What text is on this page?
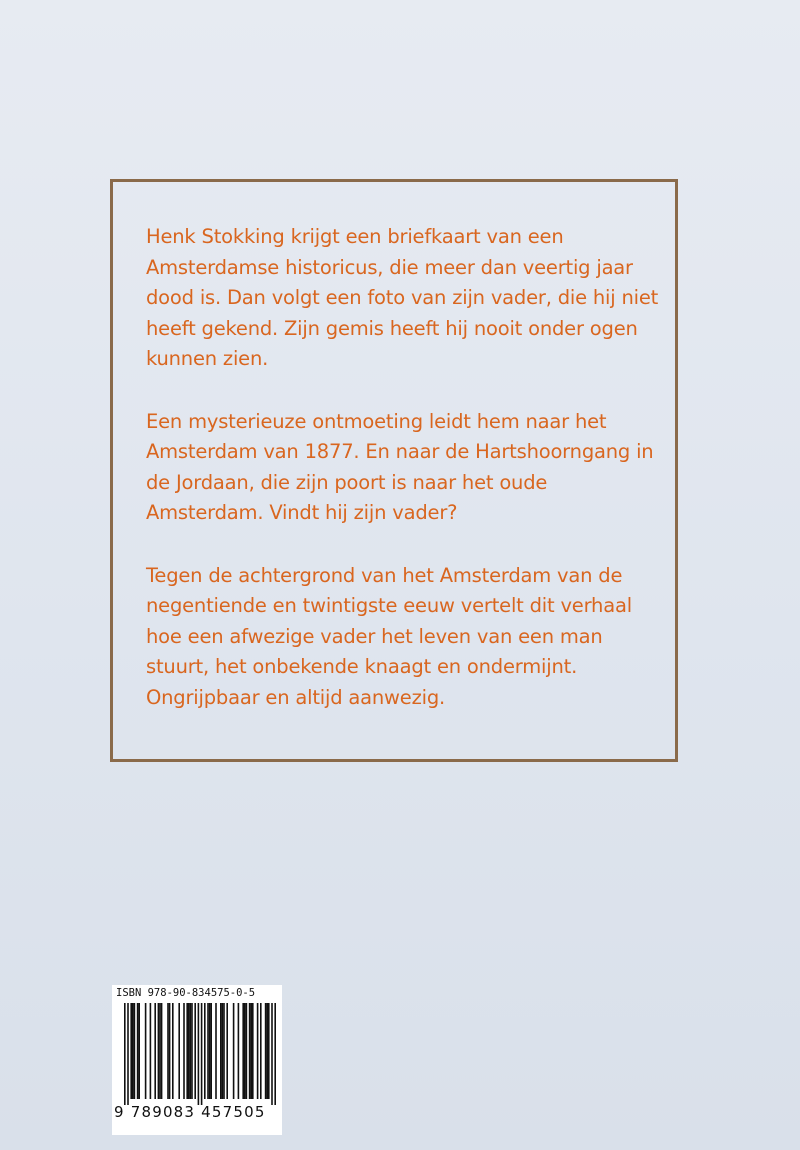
Henk Stokking krijgt een briefkaart van een Amsterdamse historicus, die meer dan veertig jaar dood is. Dan volgt een foto van zijn vader, die hij niet heeft gekend. Zijn gemis heeft hij nooit onder ogen kunnen zien.

Een mysterieuze ontmoeting leidt hem naar het Amsterdam van 1877. En naar de Hartshoorngang in de Jordaan, die zijn poort is naar het oude Amsterdam. Vindt hij zijn vader?

Tegen de achtergrond van het Amsterdam van de negentiende en twintigste eeuw vertelt dit verhaal hoe een afwezige vader het leven van een man stuurt, het onbekende knaagt en ondermijnt. Ongrijpbaar en altijd aanwezig.

ISBN 978-90-834575-0-5
9 789083 457505
